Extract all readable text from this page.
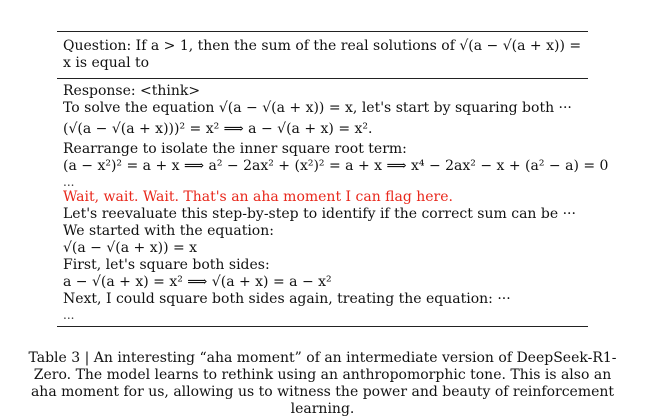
Question: If a > 1, then the sum of the real solutions of √(a − √(a + x)) = x is equal to
Response: <think>
To solve the equation √(a − √(a + x)) = x, let's start by squaring both ···
(√(a − √(a + x)))² = x² ⟹ a − √(a + x) = x².
Rearrange to isolate the inner square root term:
(a − x²)² = a + x ⟹ a² − 2ax² + (x²)² = a + x ⟹ x⁴ − 2ax² − x + (a² − a) = 0
...
Wait, wait. Wait. That's an aha moment I can flag here.
Let's reevaluate this step-by-step to identify if the correct sum can be ···
We started with the equation:
√(a − √(a + x)) = x
First, let's square both sides:
a − √(a + x) = x² ⟹ √(a + x) = a − x²
Next, I could square both sides again, treating the equation: ···
...
Table 3 | An interesting “aha moment” of an intermediate version of DeepSeek-R1-Zero. The model learns to rethink using an anthropomorphic tone. This is also an aha moment for us, allowing us to witness the power and beauty of reinforcement learning.
